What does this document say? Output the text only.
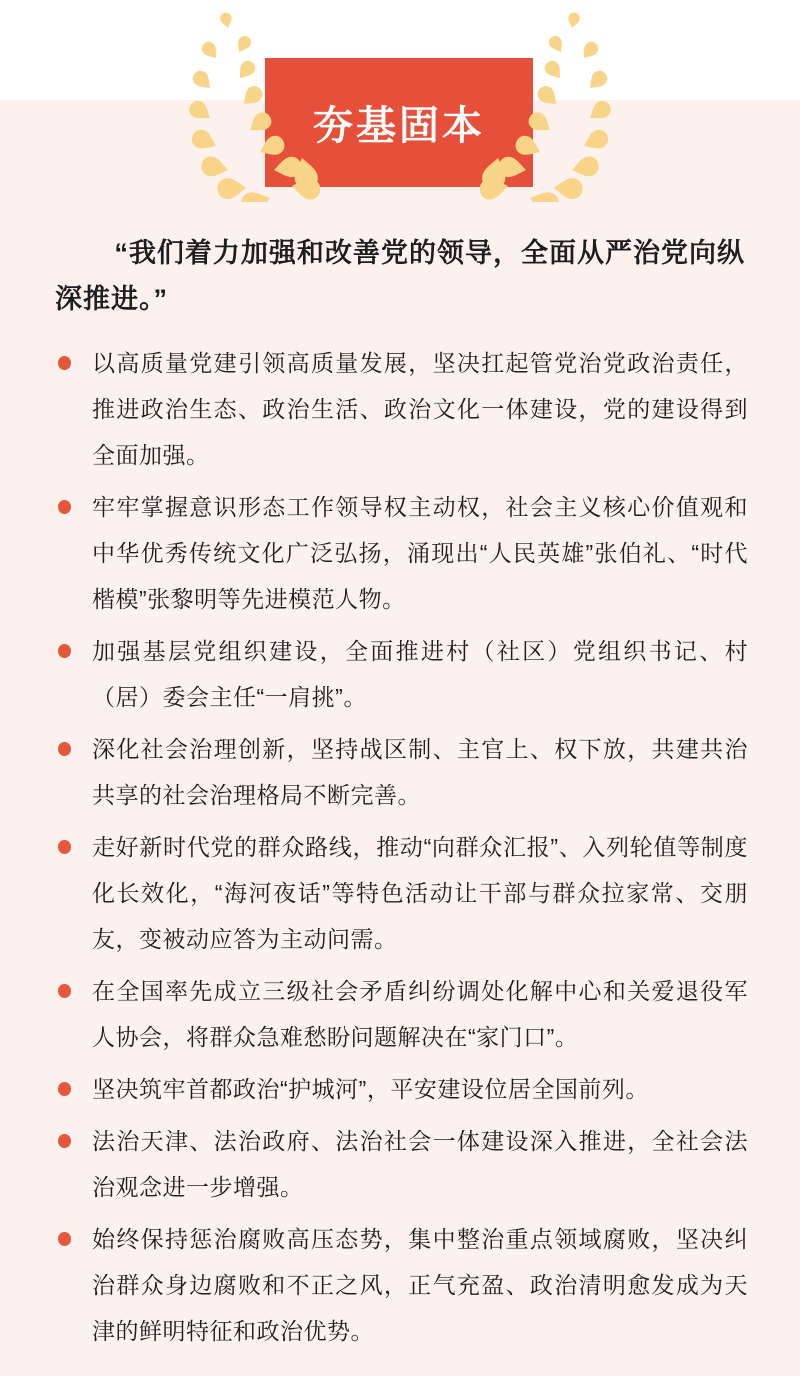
夯基固本

“我们着力加强和改善党的领导，全面从严治党向纵深推进。”

以高质量党建引领高质量发展，坚决扛起管党治党政治责任，推进政治生态、政治生活、政治文化一体建设，党的建设得到全面加强。
牢牢掌握意识形态工作领导权主动权，社会主义核心价值观和中华优秀传统文化广泛弘扬，涌现出“人民英雄”张伯礼、“时代楷模”张黎明等先进模范人物。
加强基层党组织建设，全面推进村（社区）党组织书记、村（居）委会主任“一肩挑”。
深化社会治理创新，坚持战区制、主官上、权下放，共建共治共享的社会治理格局不断完善。
走好新时代党的群众路线，推动“向群众汇报”、入列轮值等制度化长效化，“海河夜话”等特色活动让干部与群众拉家常、交朋友，变被动应答为主动问需。
在全国率先成立三级社会矛盾纠纷调处化解中心和关爱退役军人协会，将群众急难愁盼问题解决在“家门口”。
坚决筑牢首都政治“护城河”，平安建设位居全国前列。
法治天津、法治政府、法治社会一体建设深入推进，全社会法治观念进一步增强。
始终保持惩治腐败高压态势，集中整治重点领域腐败，坚决纠治群众身边腐败和不正之风，正气充盈、政治清明愈发成为天津的鲜明特征和政治优势。
